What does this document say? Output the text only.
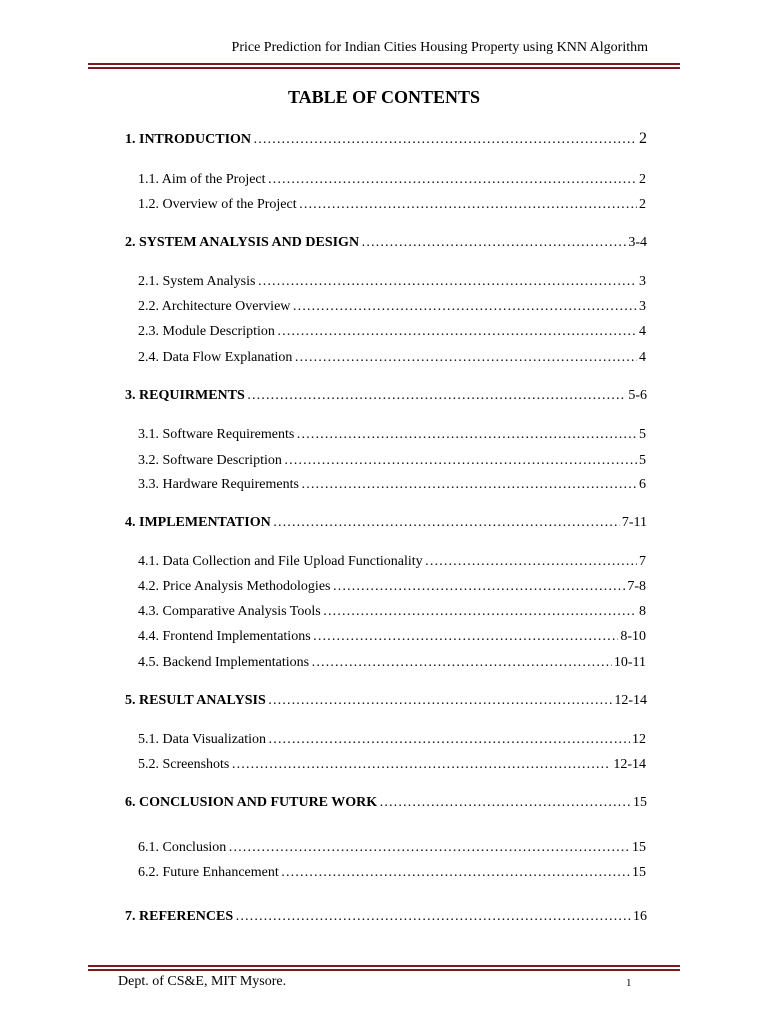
Price Prediction for Indian Cities Housing Property using KNN Algorithm
TABLE OF CONTENTS
1. INTRODUCTION ………………………………………………………………………………………………………………………………………………………………………………………………………………………………………………	2
1.1. Aim of the Project ………………………………………………………………………………………………………………………………………………………………………………………………………………………………………………	2
1.2. Overview of the Project ………………………………………………………………………………………………………………………………………………………………………………………………………………………………………………	2
2. SYSTEM ANALYSIS AND DESIGN ………………………………………………………………………………………………………………………………………………………………………………………………………………………………………………	3-4
2.1. System Analysis ………………………………………………………………………………………………………………………………………………………………………………………………………………………………………………	3
2.2. Architecture Overview ………………………………………………………………………………………………………………………………………………………………………………………………………………………………………………	3
2.3. Module Description ………………………………………………………………………………………………………………………………………………………………………………………………………………………………………………	4
2.4. Data Flow Explanation ………………………………………………………………………………………………………………………………………………………………………………………………………………………………………………	4
3. REQUIRMENTS ………………………………………………………………………………………………………………………………………………………………………………………………………………………………………………	5-6
3.1. Software Requirements ………………………………………………………………………………………………………………………………………………………………………………………………………………………………………………	5
3.2. Software Description ………………………………………………………………………………………………………………………………………………………………………………………………………………………………………………	5
3.3. Hardware Requirements ………………………………………………………………………………………………………………………………………………………………………………………………………………………………………………	6
4. IMPLEMENTATION ………………………………………………………………………………………………………………………………………………………………………………………………………………………………………………	7-11
4.1. Data Collection and File Upload Functionality ………………………………………………………………………………………………………………………………………………………………………………………………………………………………………………	7
4.2. Price Analysis Methodologies ………………………………………………………………………………………………………………………………………………………………………………………………………………………………………………	7-8
4.3. Comparative Analysis Tools ………………………………………………………………………………………………………………………………………………………………………………………………………………………………………………	8
4.4. Frontend Implementations ………………………………………………………………………………………………………………………………………………………………………………………………………………………………………………	8-10
4.5. Backend Implementations ………………………………………………………………………………………………………………………………………………………………………………………………………………………………………………	10-11
5. RESULT ANALYSIS ………………………………………………………………………………………………………………………………………………………………………………………………………………………………………………	12-14
5.1. Data Visualization ………………………………………………………………………………………………………………………………………………………………………………………………………………………………………………	12
5.2. Screenshots ………………………………………………………………………………………………………………………………………………………………………………………………………………………………………………	12-14
6. CONCLUSION AND FUTURE WORK ………………………………………………………………………………………………………………………………………………………………………………………………………………………………………………	15
6.1. Conclusion ………………………………………………………………………………………………………………………………………………………………………………………………………………………………………………	15
6.2. Future Enhancement ………………………………………………………………………………………………………………………………………………………………………………………………………………………………………………	15
7. REFERENCES ………………………………………………………………………………………………………………………………………………………………………………………………………………………………………………	16
Dept. of CS&E, MIT Mysore.	1
